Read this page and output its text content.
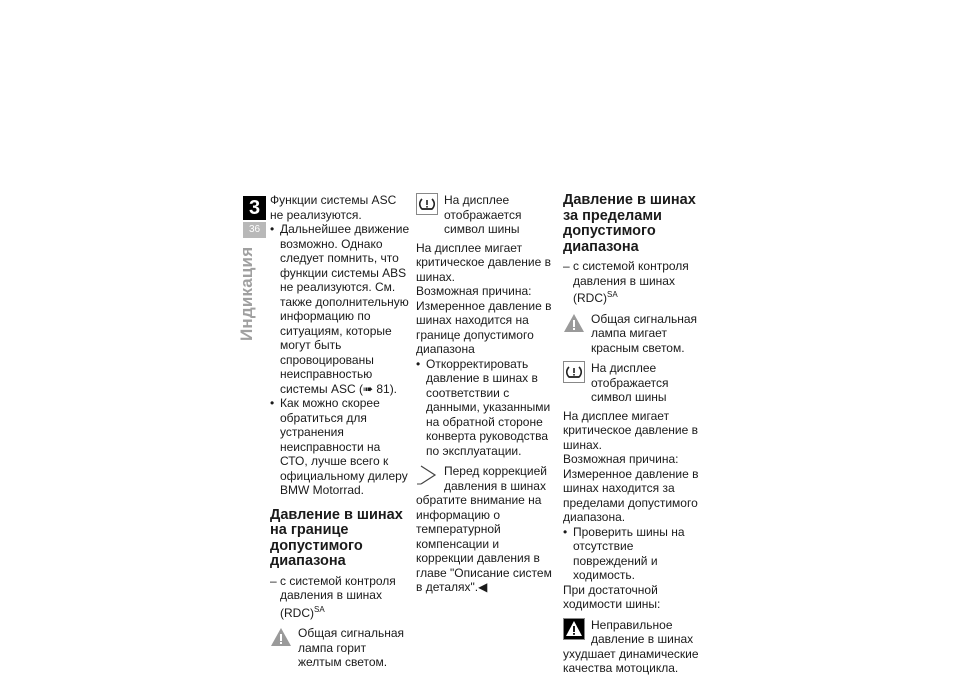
3
36
Индикация

Функции системы ASC не реализуются.

• Дальнейшее движение возможно. Однако следует помнить, что функции системы ABS не реализуются. См. также дополнительную информацию по ситуациям, которые могут быть спровоцированы неисправностью системы ASC (➠ 81).

• Как можно скорее обратиться для устранения неисправности на СТО, лучше всего к официальному дилеру BMW Motorrad.

Давление в шинах на границе допустимого диапазона

– с системой контроля давления в шинах (RDC)$^{SA}$

Общая сигнальная лампа горит желтым светом.

На дисплее отображается символ шины

На дисплее мигает критическое давление в шинах.

Возможная причина:

Измеренное давление в шинах находится на границе допустимого диапазона

• Откорректировать давление в шинах в соответствии с данными, указанными на обратной стороне конверта руководства по эксплуатации.

Перед коррекцией давления в шинах обратите внимание на информацию о температурной компенсации и коррекции давления в главе "Описание систем в деталях".◀

Давление в шинах за пределами допустимого диапазона

– с системой контроля давления в шинах (RDC)$^{SA}$

Общая сигнальная лампа мигает красным светом.

На дисплее отображается символ шины

На дисплее мигает критическое давление в шинах.

Возможная причина:

Измеренное давление в шинах находится за пределами допустимого диапазона.

• Проверить шины на отсутствие повреждений и ходимость.

При достаточной ходимости шины:

Неправильное давление в шинах ухудшает динамические качества мотоцикла.
